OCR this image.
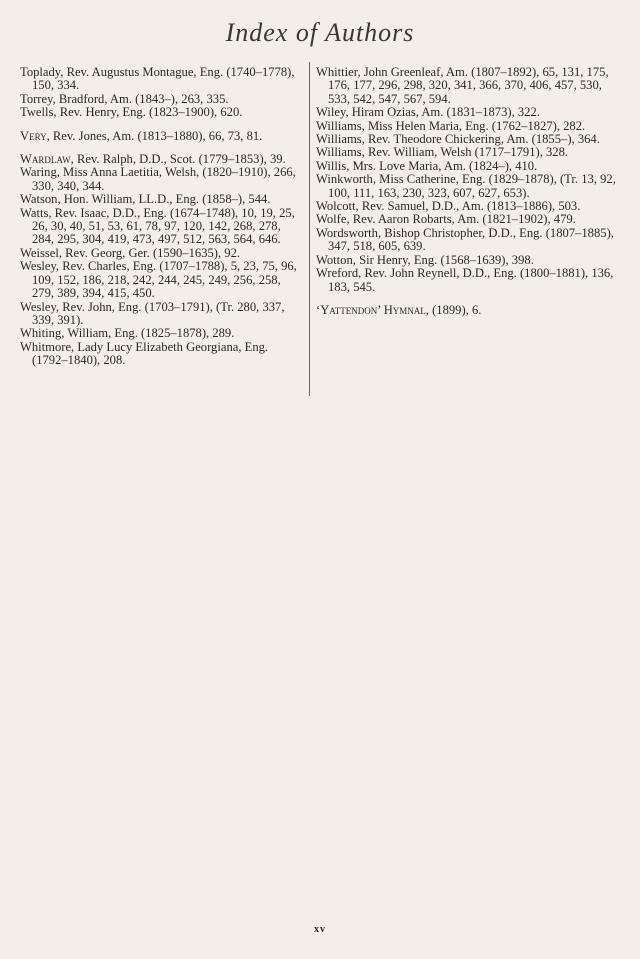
Index of Authors
Toplady, Rev. Augustus Montague, Eng. (1740–1778), 150, 334.
Torrey, Bradford, Am. (1843–), 263, 335.
Twells, Rev. Henry, Eng. (1823–1900), 620.
Very, Rev. Jones, Am. (1813–1880), 66, 73, 81.
Wardlaw, Rev. Ralph, D.D., Scot. (1779–1853), 39.
Waring, Miss Anna Laetitia, Welsh, (1820–1910), 266, 330, 340, 344.
Watson, Hon. William, LL.D., Eng. (1858–), 544.
Watts, Rev. Isaac, D.D., Eng. (1674–1748), 10, 19, 25, 26, 30, 40, 51, 53, 61, 78, 97, 120, 142, 268, 278, 284, 295, 304, 419, 473, 497, 512, 563, 564, 646.
Weissel, Rev. Georg, Ger. (1590–1635), 92.
Wesley, Rev. Charles, Eng. (1707–1788), 5, 23, 75, 96, 109, 152, 186, 218, 242, 244, 245, 249, 256, 258, 279, 389, 394, 415, 450.
Wesley, Rev. John, Eng. (1703–1791), (Tr. 280, 337, 339, 391).
Whiting, William, Eng. (1825–1878), 289.
Whitmore, Lady Lucy Elizabeth Georgiana, Eng. (1792–1840), 208.
Whittier, John Greenleaf, Am. (1807–1892), 65, 131, 175, 176, 177, 296, 298, 320, 341, 366, 370, 406, 457, 530, 533, 542, 547, 567, 594.
Wiley, Hiram Ozias, Am. (1831–1873), 322.
Williams, Miss Helen Maria, Eng. (1762–1827), 282.
Williams, Rev. Theodore Chickering, Am. (1855–), 364.
Williams, Rev. William, Welsh (1717–1791), 328.
Willis, Mrs. Love Maria, Am. (1824–), 410.
Winkworth, Miss Catherine, Eng. (1829–1878), (Tr. 13, 92, 100, 111, 163, 230, 323, 607, 627, 653).
Wolcott, Rev. Samuel, D.D., Am. (1813–1886), 503.
Wolfe, Rev. Aaron Robarts, Am. (1821–1902), 479.
Wordsworth, Bishop Christopher, D.D., Eng. (1807–1885), 347, 518, 605, 639.
Wotton, Sir Henry, Eng. (1568–1639), 398.
Wreford, Rev. John Reynell, D.D., Eng. (1800–1881), 136, 183, 545.
‘Yattendon’ Hymnal, (1899), 6.
xv
